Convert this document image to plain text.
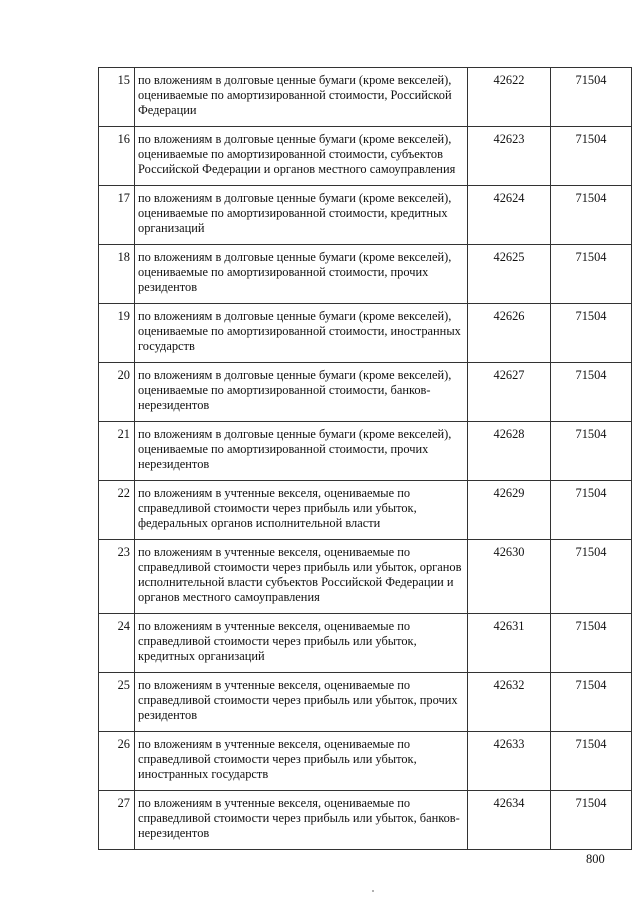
15	по вложениям в долговые ценные бумаги (кроме векселей), оцениваемые по амортизированной стоимости, Российской Федерации	42622	71504
16	по вложениям в долговые ценные бумаги (кроме векселей), оцениваемые по амортизированной стоимости, субъектов Российской Федерации и органов местного самоуправления	42623	71504
17	по вложениям в долговые ценные бумаги (кроме векселей), оцениваемые по амортизированной стоимости, кредитных организаций	42624	71504
18	по вложениям в долговые ценные бумаги (кроме векселей), оцениваемые по амортизированной стоимости, прочих резидентов	42625	71504
19	по вложениям в долговые ценные бумаги (кроме векселей), оцениваемые по амортизированной стоимости, иностранных государств	42626	71504
20	по вложениям в долговые ценные бумаги (кроме векселей), оцениваемые по амортизированной стоимости, банков-нерезидентов	42627	71504
21	по вложениям в долговые ценные бумаги (кроме векселей), оцениваемые по амортизированной стоимости, прочих нерезидентов	42628	71504
22	по вложениям в учтенные векселя, оцениваемые по справедливой стоимости через прибыль или убыток, федеральных органов исполнительной власти	42629	71504
23	по вложениям в учтенные векселя, оцениваемые по справедливой стоимости через прибыль или убыток, органов исполнительной власти субъектов Российской Федерации и органов местного самоуправления	42630	71504
24	по вложениям в учтенные векселя, оцениваемые по справедливой стоимости через прибыль или убыток, кредитных организаций	42631	71504
25	по вложениям в учтенные векселя, оцениваемые по справедливой стоимости через прибыль или убыток, прочих резидентов	42632	71504
26	по вложениям в учтенные векселя, оцениваемые по справедливой стоимости через прибыль или убыток, иностранных государств	42633	71504
27	по вложениям в учтенные векселя, оцениваемые по справедливой стоимости через прибыль или убыток, банков-нерезидентов	42634	71504
800
